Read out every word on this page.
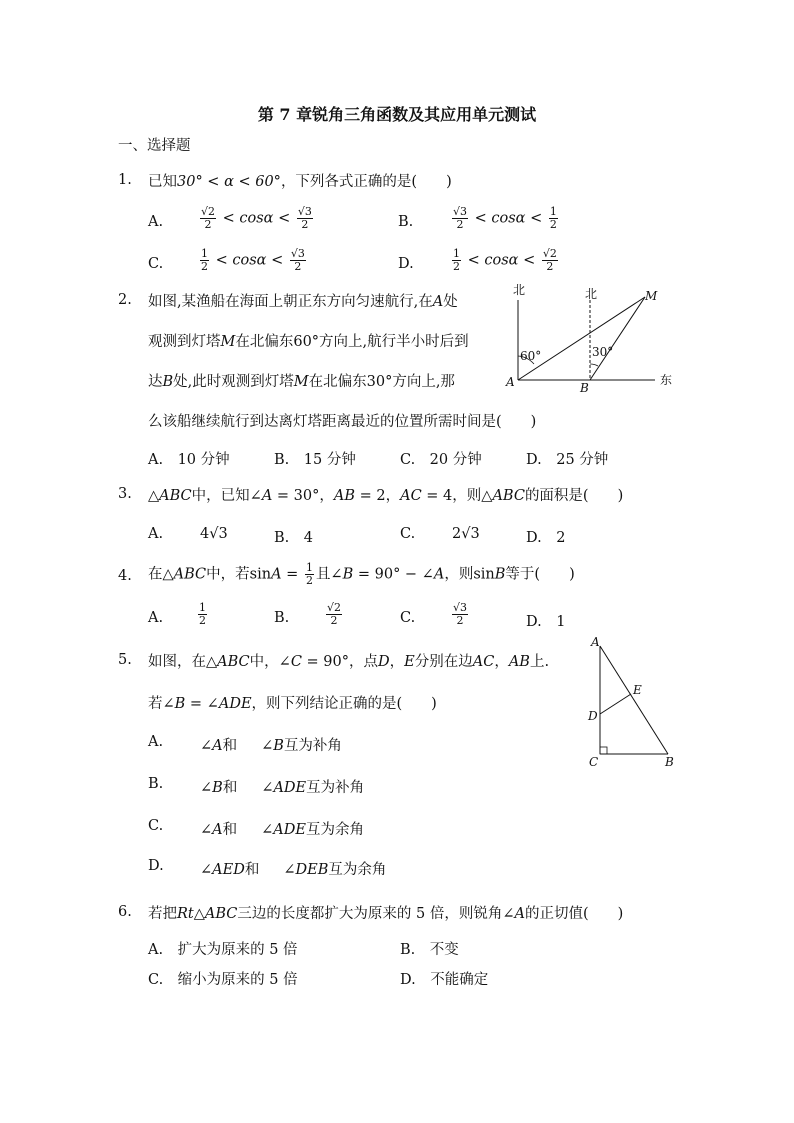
第 7 章锐角三角函数及其应用单元测试
一、选择题
1. 已知30° < α < 60°，下列各式正确的是(　　)
A.	$\frac{√2}{2} < \cos\alpha < \frac{√3}{2}$	B.	$\frac{√3}{2} < \cos\alpha < \frac{1}{2}$
C.	$\frac{1}{2} < \cos\alpha < \frac{√3}{2}$	D.	$\frac{1}{2} < \cos\alpha < \frac{√2}{2}$
2. 如图,某渔船在海面上朝正东方向匀速航行,在A处
观测到灯塔M在北偏东60°方向上,航行半小时后到
达B处,此时观测到灯塔M在北偏东30°方向上,那
么该船继续航行到达离灯塔距离最近的位置所需时间是(　　)
A.　10 分钟	B.　15 分钟	C.　20 分钟	D.　25 分钟
北	北
东
60°	30°
A	B
M
3. △ABC中，已知∠A = 30°，AB = 2，AC = 4，则△ABC的面积是(　　)
A.	4√3	B.　4	C.	2√3	D.　2
4. 在△ABC中，若$\sin A = \frac{1}{2}$ 且∠B = 90° − ∠A，则sinB等于(　　)
A.	$\frac{1}{2}$	B.	$\frac{√2}{2}$	C.	$\frac{√3}{2}$	D.　1
5. 如图，在△ABC中，∠C = 90°，点D，E分别在边AC，AB上.
若∠B = ∠ADE，则下列结论正确的是(　　)
A.	∠A和 ∠B互为补角
B.	∠B和 ∠ADE互为补角
C.	∠A和 ∠ADE互为余角
D.	∠AED和 ∠DEB互为余角
A
D
E
C	B
6. 若把Rt△ABC三边的长度都扩大为原来的 5 倍，则锐角∠A的正切值(　　)
A.　扩大为原来的 5 倍	B.　不变
C.　缩小为原来的 5 倍	D.　不能确定
